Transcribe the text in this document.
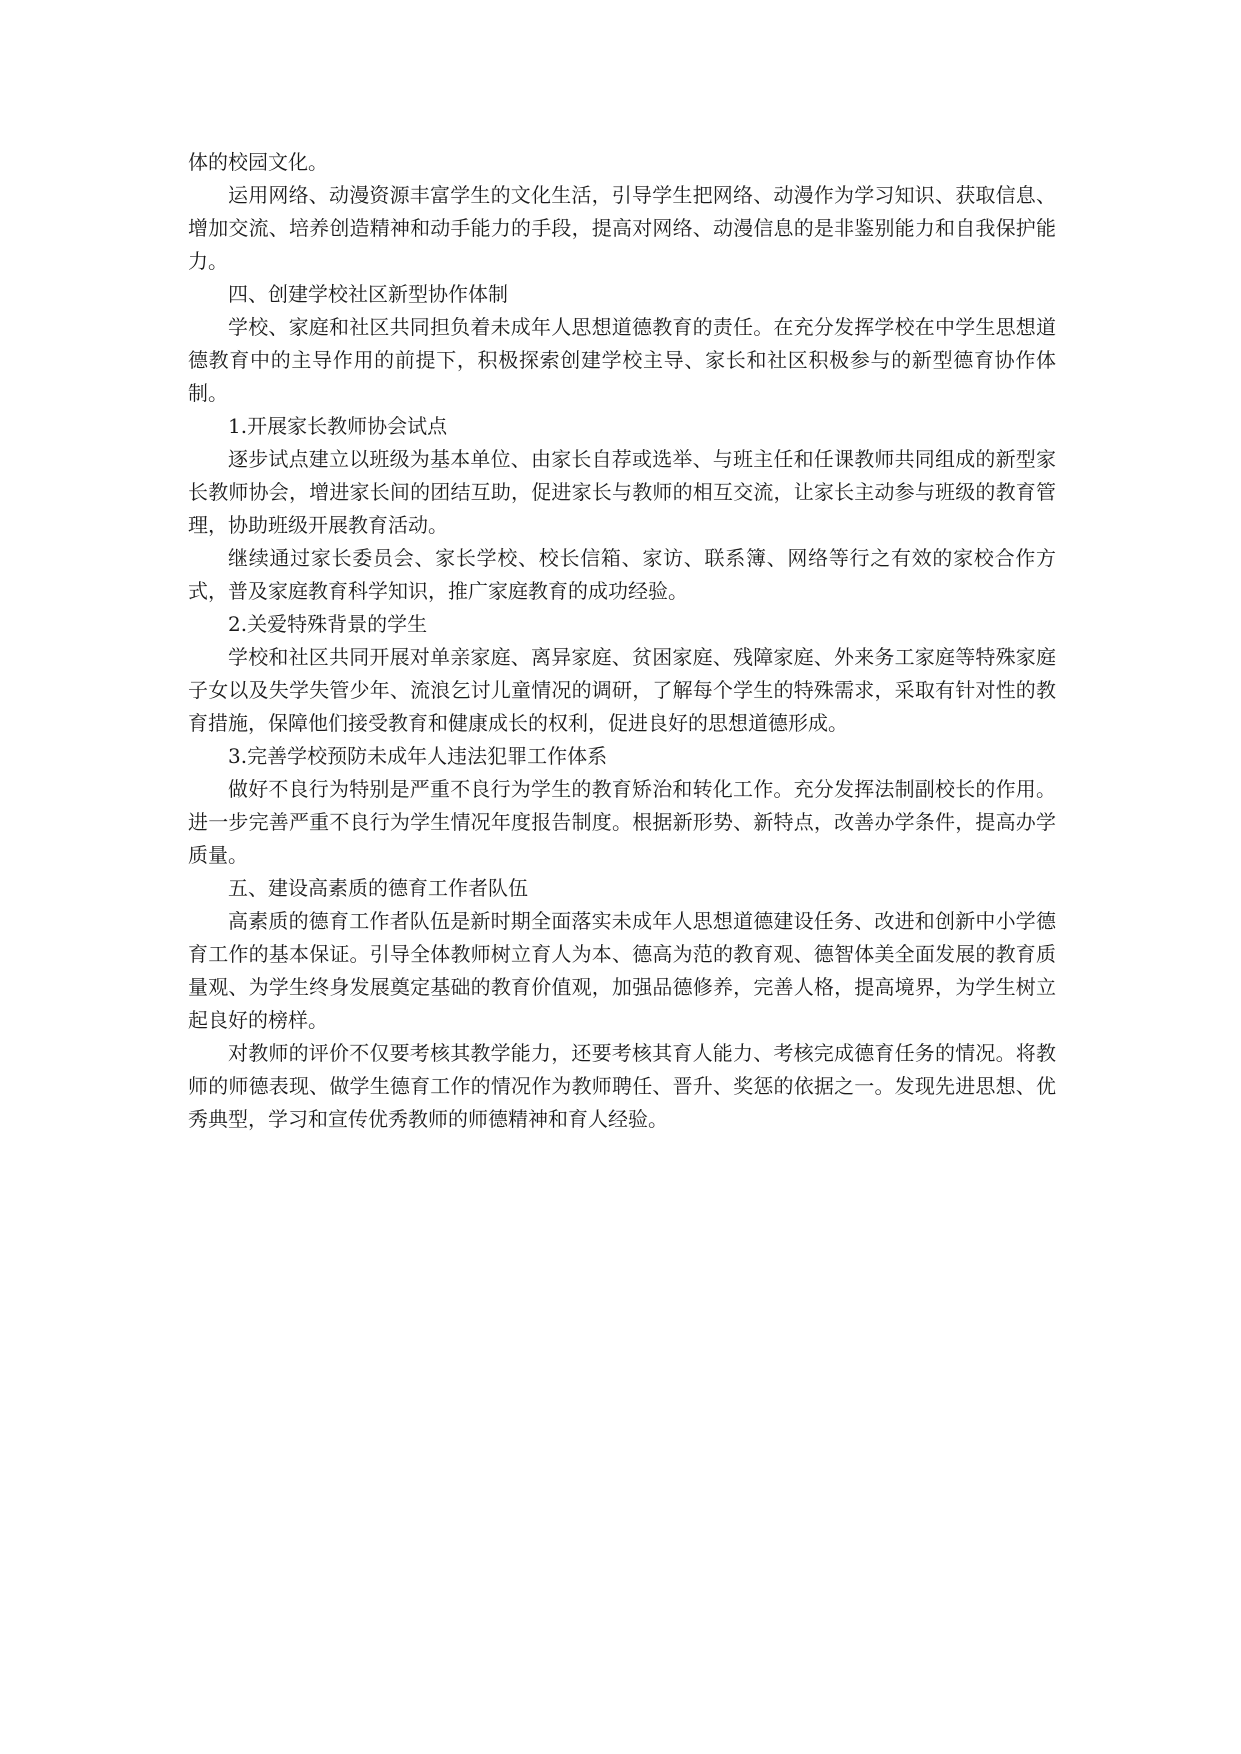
体的校园文化。

运用网络、动漫资源丰富学生的文化生活，引导学生把网络、动漫作为学习知识、获取信息、增加交流、培养创造精神和动手能力的手段，提高对网络、动漫信息的是非鉴别能力和自我保护能力。

四、创建学校社区新型协作体制

学校、家庭和社区共同担负着未成年人思想道德教育的责任。在充分发挥学校在中学生思想道德教育中的主导作用的前提下，积极探索创建学校主导、家长和社区积极参与的新型德育协作体制。

1.开展家长教师协会试点

逐步试点建立以班级为基本单位、由家长自荐或选举、与班主任和任课教师共同组成的新型家长教师协会，增进家长间的团结互助，促进家长与教师的相互交流，让家长主动参与班级的教育管理，协助班级开展教育活动。

继续通过家长委员会、家长学校、校长信箱、家访、联系簿、网络等行之有效的家校合作方式，普及家庭教育科学知识，推广家庭教育的成功经验。

2.关爱特殊背景的学生

学校和社区共同开展对单亲家庭、离异家庭、贫困家庭、残障家庭、外来务工家庭等特殊家庭子女以及失学失管少年、流浪乞讨儿童情况的调研，了解每个学生的特殊需求，采取有针对性的教育措施，保障他们接受教育和健康成长的权利，促进良好的思想道德形成。

3.完善学校预防未成年人违法犯罪工作体系

做好不良行为特别是严重不良行为学生的教育矫治和转化工作。充分发挥法制副校长的作用。进一步完善严重不良行为学生情况年度报告制度。根据新形势、新特点，改善办学条件，提高办学质量。

五、建设高素质的德育工作者队伍

高素质的德育工作者队伍是新时期全面落实未成年人思想道德建设任务、改进和创新中小学德育工作的基本保证。引导全体教师树立育人为本、德高为范的教育观、德智体美全面发展的教育质量观、为学生终身发展奠定基础的教育价值观，加强品德修养，完善人格，提高境界，为学生树立起良好的榜样。

对教师的评价不仅要考核其教学能力，还要考核其育人能力、考核完成德育任务的情况。将教师的师德表现、做学生德育工作的情况作为教师聘任、晋升、奖惩的依据之一。发现先进思想、优秀典型，学习和宣传优秀教师的师德精神和育人经验。
